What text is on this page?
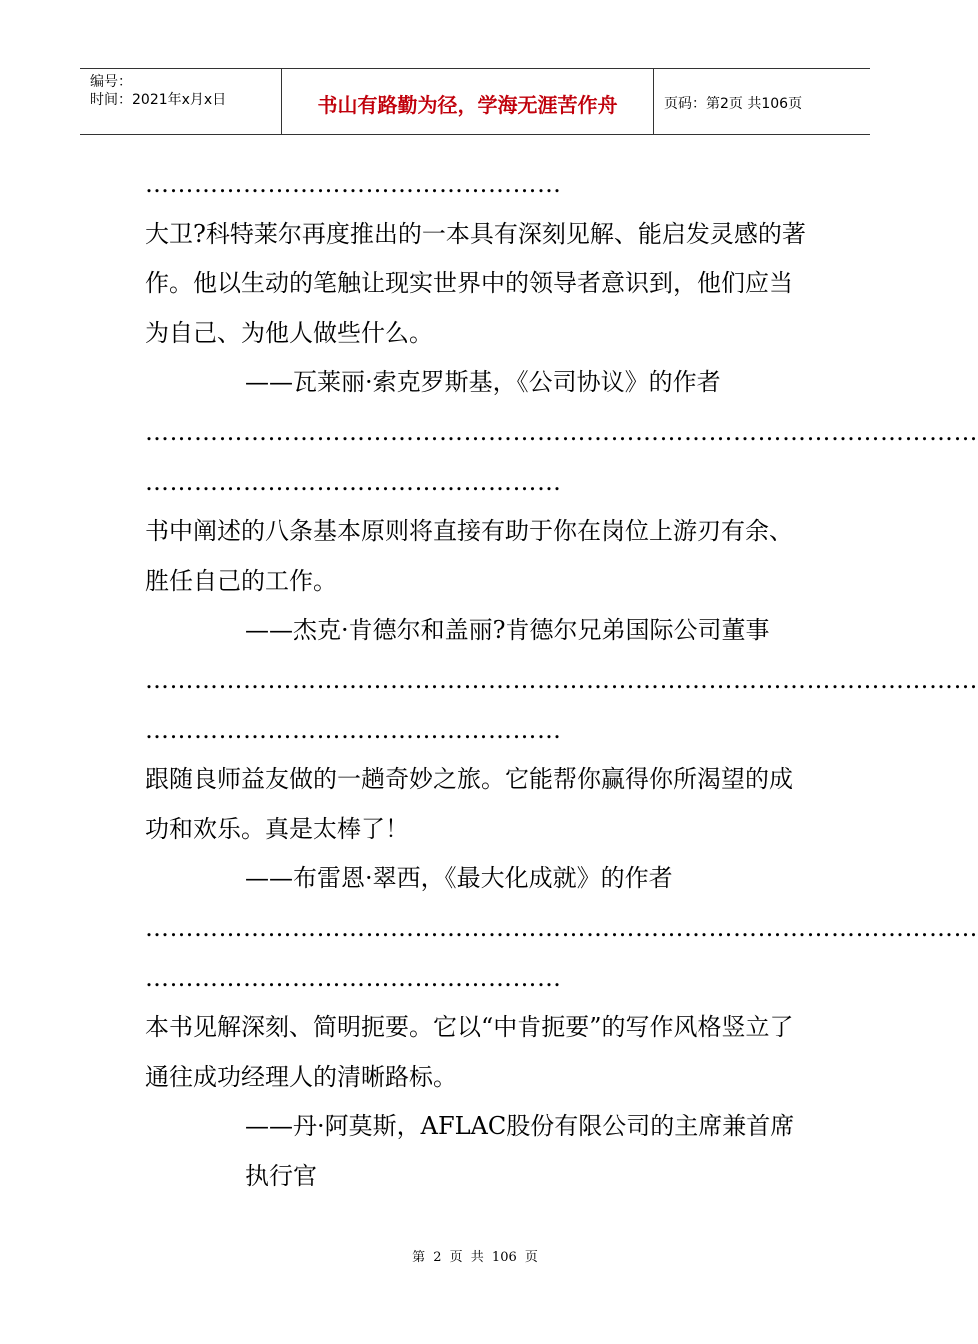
编号：
时间：2021年x月x日	书山有路勤为径，学海无涯苦作舟	页码：第2页 共106页

……………………………………………

大卫?科特莱尔再度推出的一本具有深刻见解、能启发灵感的著作。他以生动的笔触让现实世界中的领导者意识到，他们应当为自己、为他人做些什么。

——瓦莱丽·索克罗斯基，《公司协议》的作者

…………………………………………………………………………………………

……………………………………………

书中阐述的八条基本原则将直接有助于你在岗位上游刃有余、胜任自己的工作。

——杰克·肯德尔和盖丽?肯德尔兄弟国际公司董事

…………………………………………………………………………………………

……………………………………………

跟随良师益友做的一趟奇妙之旅。它能帮你赢得你所渴望的成功和欢乐。真是太棒了！

——布雷恩·翠西，《最大化成就》的作者

…………………………………………………………………………………………

……………………………………………

本书见解深刻、简明扼要。它以“中肯扼要”的写作风格竖立了通往成功经理人的清晰路标。

——丹·阿莫斯，AFLAC股份有限公司的主席兼首席执行官

第 2 页 共 106 页
